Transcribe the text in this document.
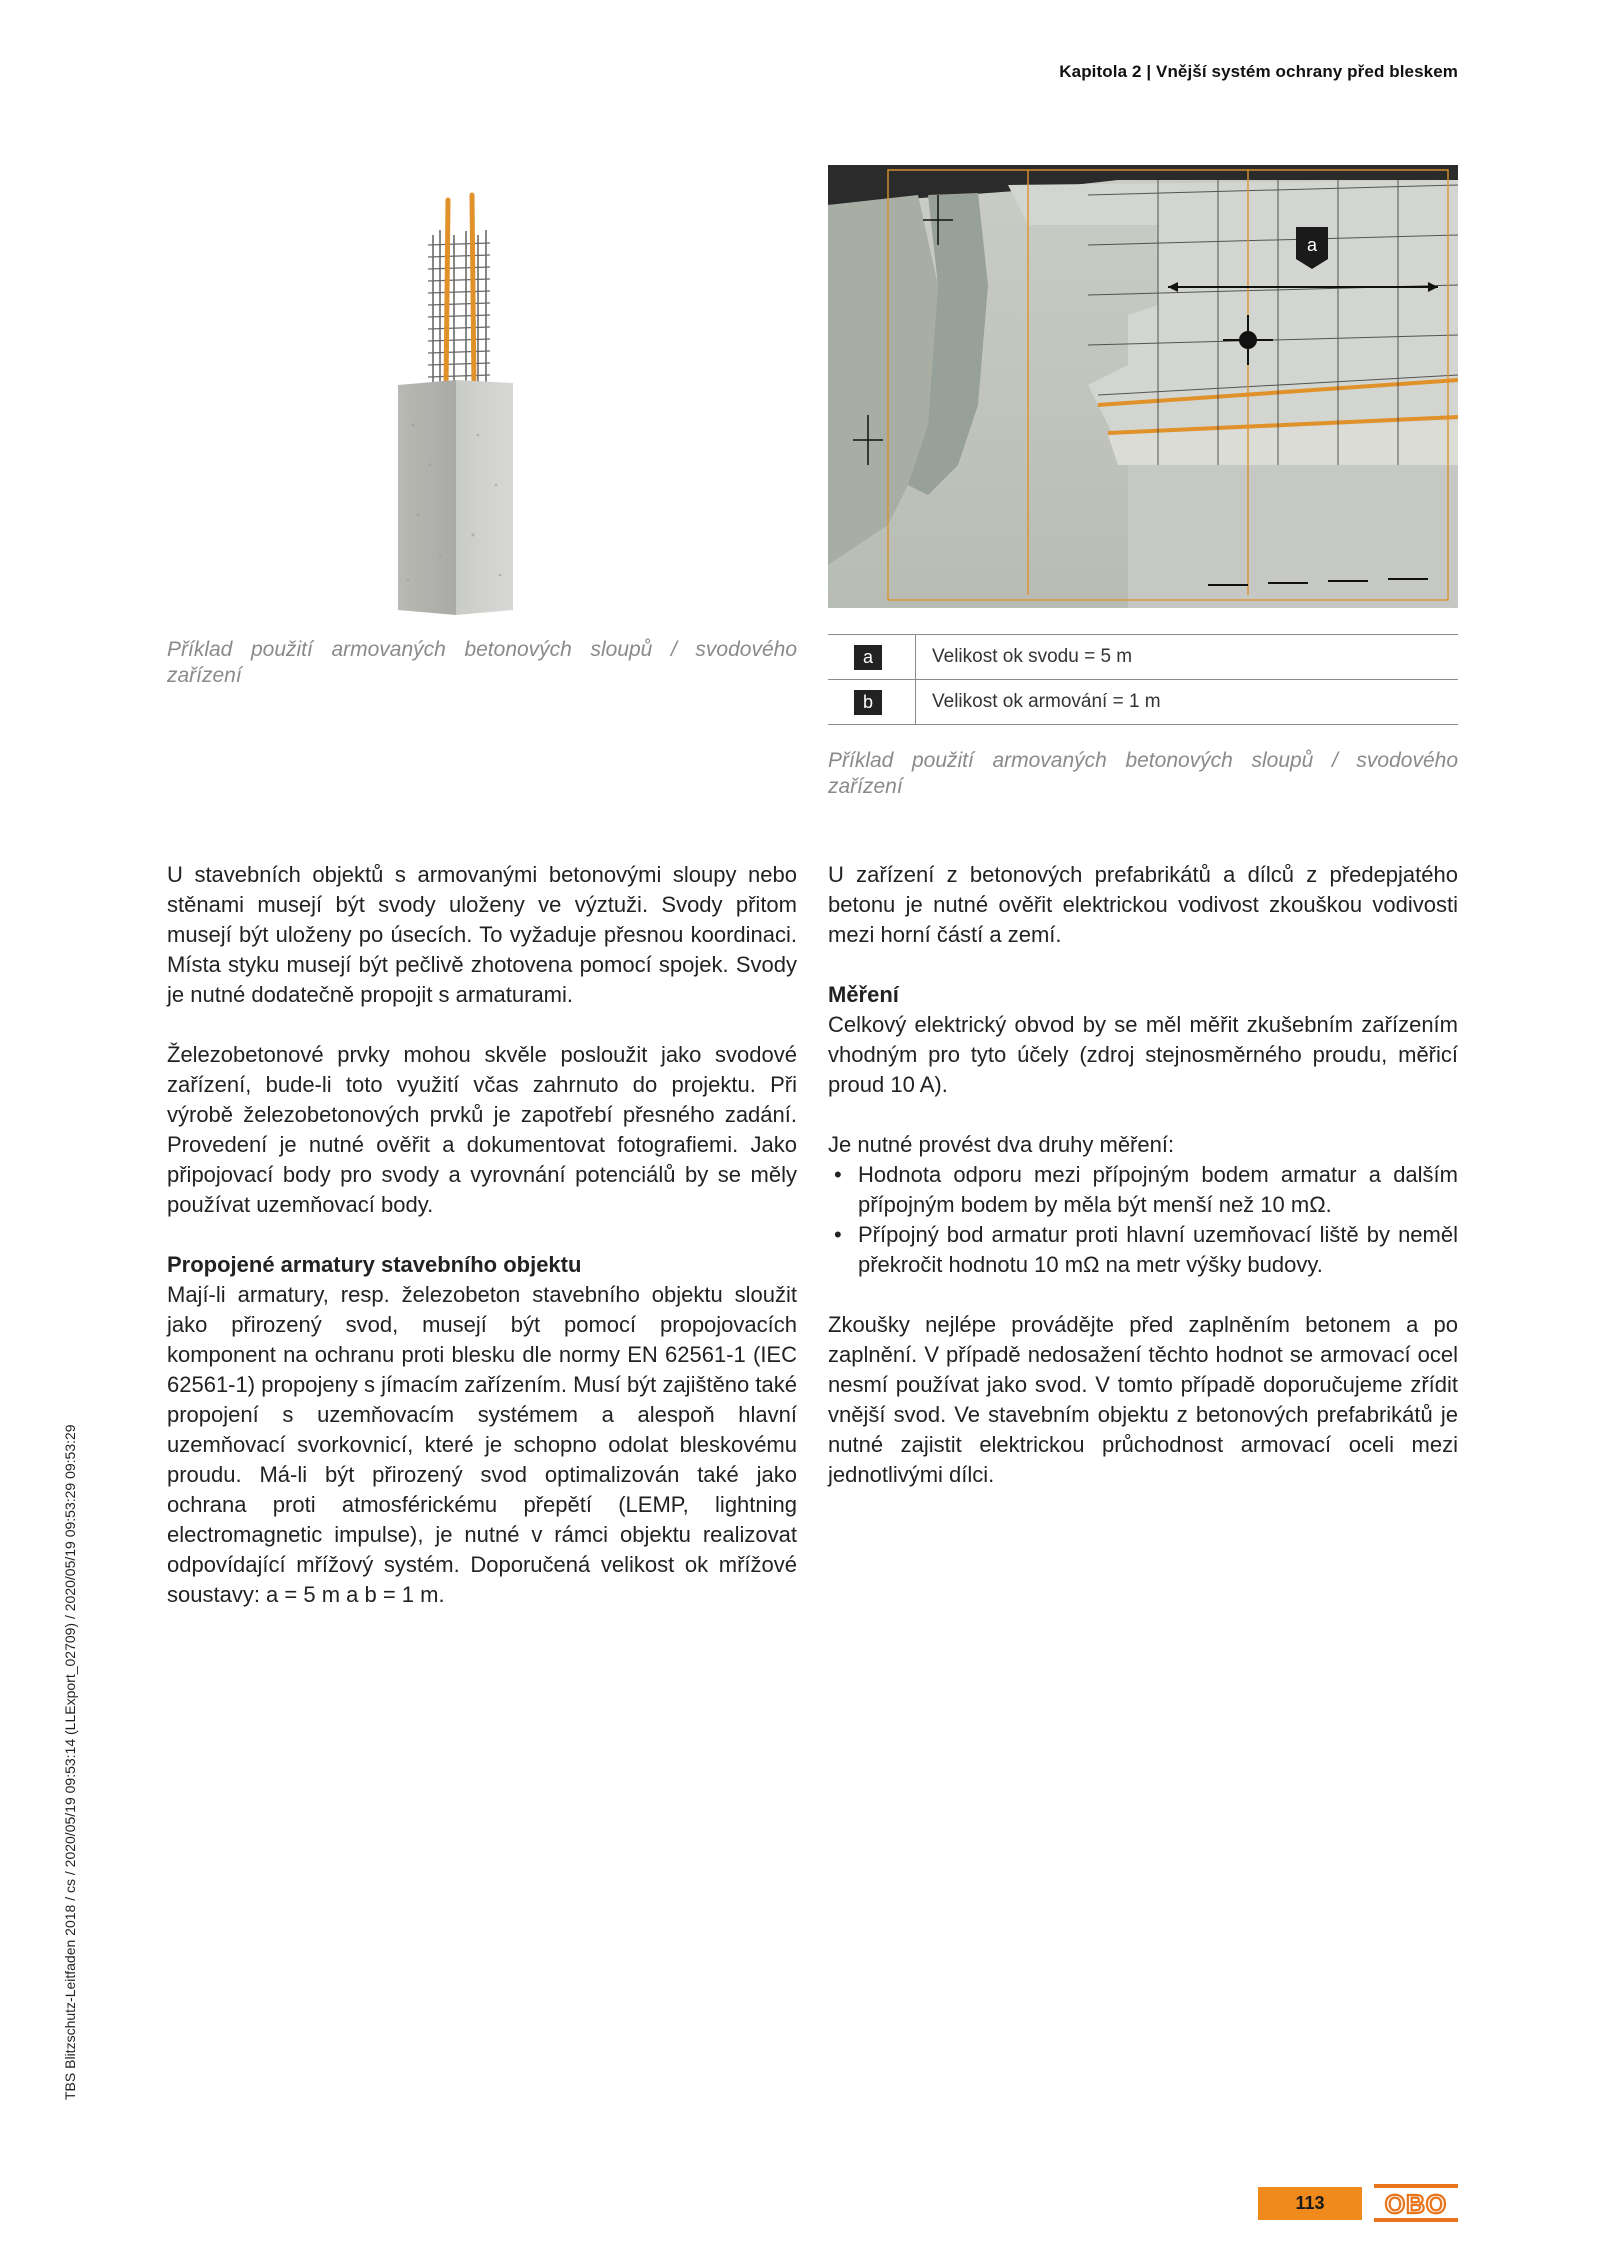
Kapitola 2 | Vnější systém ochrany před bleskem
a
Příklad použití armovaných betonových sloupů / svodového zařízení
a	Velikost ok svodu = 5 m
b	Velikost ok armování = 1 m
Příklad použití armovaných betonových sloupů / svodového zařízení

U stavebních objektů s armovanými betonovými sloupy nebo stěnami musejí být svody uloženy ve výztuži. Svody přitom musejí být uloženy po úsecích. To vyžaduje přesnou koordinaci. Místa styku musejí být pečlivě zhotovena pomocí spojek. Svody je nutné dodatečně propojit s armaturami.

Železobetonové prvky mohou skvěle posloužit jako svodové zařízení, bude-li toto využití včas zahrnuto do projektu. Při výrobě železobetonových prvků je zapotřebí přesného zadání. Provedení je nutné ověřit a dokumentovat fotografiemi. Jako připojovací body pro svody a vyrovnání potenciálů by se měly používat uzemňovací body.

Propojené armatury stavebního objektu

Mají-li armatury, resp. železobeton stavebního objektu sloužit jako přirozený svod, musejí být pomocí propojovacích komponent na ochranu proti blesku dle normy EN 62561-1 (IEC 62561-1) propojeny s jímacím zařízením. Musí být zajištěno také propojení s uzemňovacím systémem a alespoň hlavní uzemňovací svorkovnicí, které je schopno odolat bleskovému proudu. Má-li být přirozený svod optimalizován také jako ochrana proti atmosférickému přepětí (LEMP, lightning electromagnetic impulse), je nutné v rámci objektu realizovat odpovídající mřížový systém. Doporučená velikost ok mřížové soustavy: a = 5 m a b = 1 m.

U zařízení z betonových prefabrikátů a dílců z předepjatého betonu je nutné ověřit elektrickou vodivost zkouškou vodivosti mezi horní částí a zemí.

Měření

Celkový elektrický obvod by se měl měřit zkušebním zařízením vhodným pro tyto účely (zdroj stejnosměrného proudu, měřicí proud 10 A).

Je nutné provést dva druhy měření:

• Hodnota odporu mezi přípojným bodem armatur a dalším přípojným bodem by měla být menší než 10 mΩ.
• Přípojný bod armatur proti hlavní uzemňovací liště by neměl překročit hodnotu 10 mΩ na metr výšky budovy.

Zkoušky nejlépe provádějte před zaplněním betonem a po zaplnění. V případě nedosažení těchto hodnot se armovací ocel nesmí používat jako svod. V tomto případě doporučujeme zřídit vnější svod. Ve stavebním objektu z betonových prefabrikátů je nutné zajistit elektrickou průchodnost armovací oceli mezi jednotlivými dílci.

TBS Blitzschutz-Leitfaden 2018 / cs / 2020/05/19 09:53:14 (LLExport_02709) / 2020/05/19 09:53:29 09:53:29
113	OBO
